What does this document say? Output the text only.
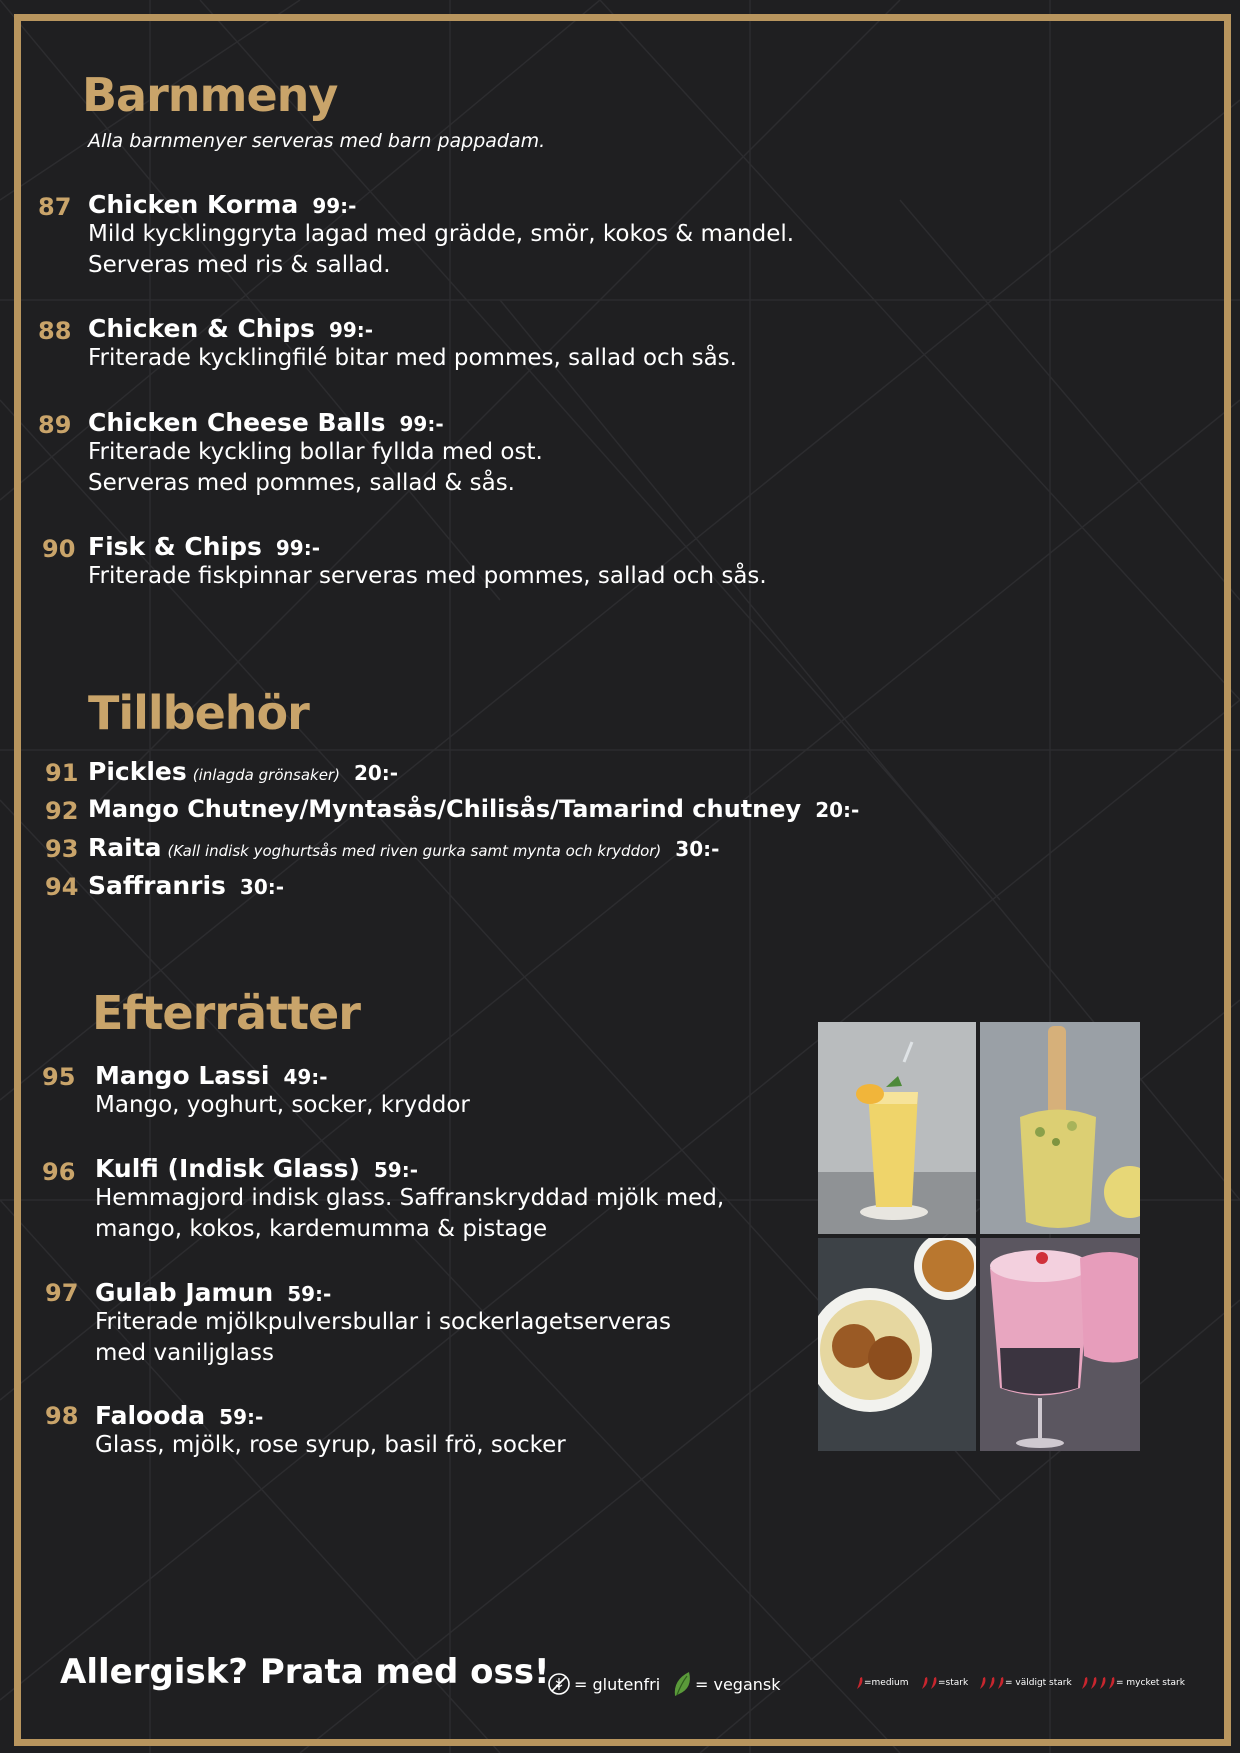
Barnmeny
Alla barnmenyer serveras med barn pappadam.
87 Chicken Korma 99:-
Mild kycklinggryta lagad med grädde, smör, kokos & mandel.
Serveras med ris & sallad.
88 Chicken & Chips 99:-
Friterade kycklingfilé bitar med pommes, sallad och sås.
89 Chicken Cheese Balls 99:-
Friterade kyckling bollar fyllda med ost.
Serveras med pommes, sallad & sås.
90 Fisk & Chips 99:-
Friterade fiskpinnar serveras med pommes, sallad och sås.
Tillbehör
91 Pickles (inlagda grönsaker) 20:-
92 Mango Chutney/Myntasås/Chilisås/Tamarind chutney 20:-
93 Raita (Kall indisk yoghurtsås med riven gurka samt mynta och kryddor) 30:-
94 Saffranris 30:-
Efterrätter
95 Mango Lassi 49:-
Mango, yoghurt, socker, kryddor
96 Kulfi (Indisk Glass) 59:-
Hemmagjord indisk glass. Saffranskryddad mjölk med,
mango, kokos, kardemumma & pistage
97 Gulab Jamun 59:-
Friterade mjölkpulversbullar i sockerlagetserveras
med vaniljglass
98 Falooda 59:-
Glass, mjölk, rose syrup, basil frö, socker
Allergisk? Prata med oss! = glutenfri = vegansk	=medium	=stark	= väldigt stark	= mycket stark
